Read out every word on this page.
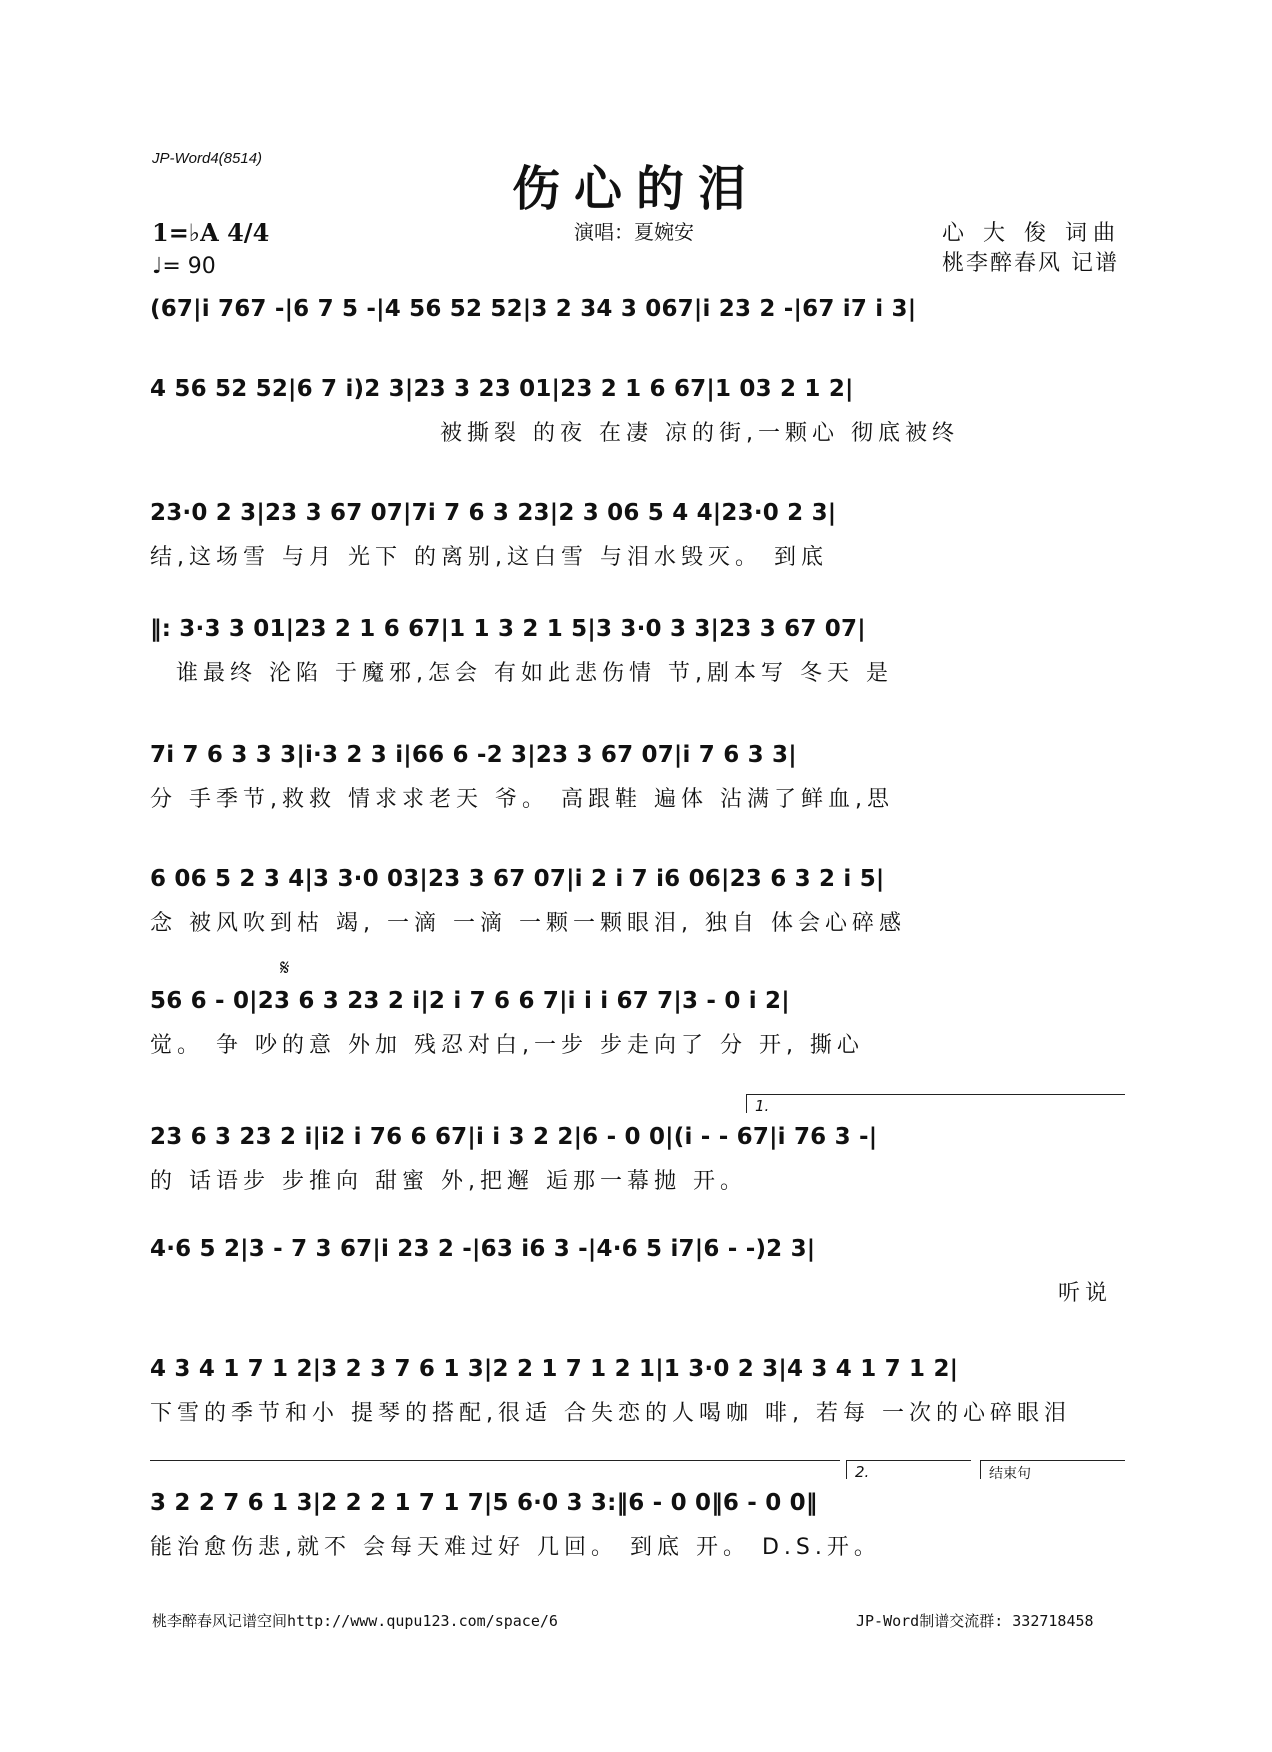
JP-Word4(8514)
伤心的泪
1=♭A 4/4
♩= 90
演唱：夏婉安	心 大 俊 词曲
桃李醉春风 记谱
(67|i 767 -|6 7 5 -|4 56 52 52|3 2 34 3 067|i 23 2 -|67 i7 i 3|
4 56 52 52|6 7 i)2 3|23 3 23 01|23 2 1 6 67|1 03 2 1 2|
被撕裂 的夜 在凄 凉的街,一颗心 彻底被终
23·0 2 3|23 3 67 07|7i 7 6 3 23|2 3 06 5 4 4|23·0 2 3|
结,这场雪 与月 光下 的离别,这白雪 与泪水毁灭。 到底
‖: 3·3 3 01|23 2 1 6 67|1 1 3 2 1 5|3 3·0 3 3|23 3 67 07|
谁最终 沦陷 于魔邪,怎会 有如此悲伤情 节,剧本写 冬天 是
7i 7 6 3 3 3|i·3 2 3 i|66 6 -2 3|23 3 67 07|i 7 6 3 3|
分 手季节,救救 情求求老天 爷。 高跟鞋 遍体 沾满了鲜血,思
6 06 5 2 3 4|3 3·0 03|23 3 67 07|i 2 i 7 i6 06|23 6 3 2 i 5|
念 被风吹到枯 竭, 一滴 一滴 一颗一颗眼泪, 独自 体会心碎感
𝄋
56 6 - 0|23 6 3 23 2 i|2 i 7 6 6 7|i i i 67 7|3 - 0 i 2|
觉。 争 吵的意 外加 残忍对白,一步 步走向了 分 开, 撕心
1.
23 6 3 23 2 i|i2 i 76 6 67|i i 3 2 2|6 - 0 0|(i - - 67|i 76 3 -|
的 话语步 步推向 甜蜜 外,把邂 逅那一幕抛 开。
4·6 5 2|3 - 7 3 67|i 23 2 -|63 i6 3 -|4·6 5 i7|6 - -)2 3|
听说
4 3 4 1 7 1 2|3 2 3 7 6 1 3|2 2 1 7 1 2 1|1 3·0 2 3|4 3 4 1 7 1 2|
下雪的季节和小 提琴的搭配,很适 合失恋的人喝咖 啡, 若每 一次的心碎眼泪
2.	结束句
3 2 2 7 6 1 3|2 2 2 1 7 1 7|5 6·0 3 3:‖6 - 0 0‖6 - 0 0‖
能治愈伤悲,就不 会每天难过好 几回。 到底 开。 D.S.开。
桃李醉春风记谱空间http://www.qupu123.com/space/6	JP-Word制谱交流群: 332718458
